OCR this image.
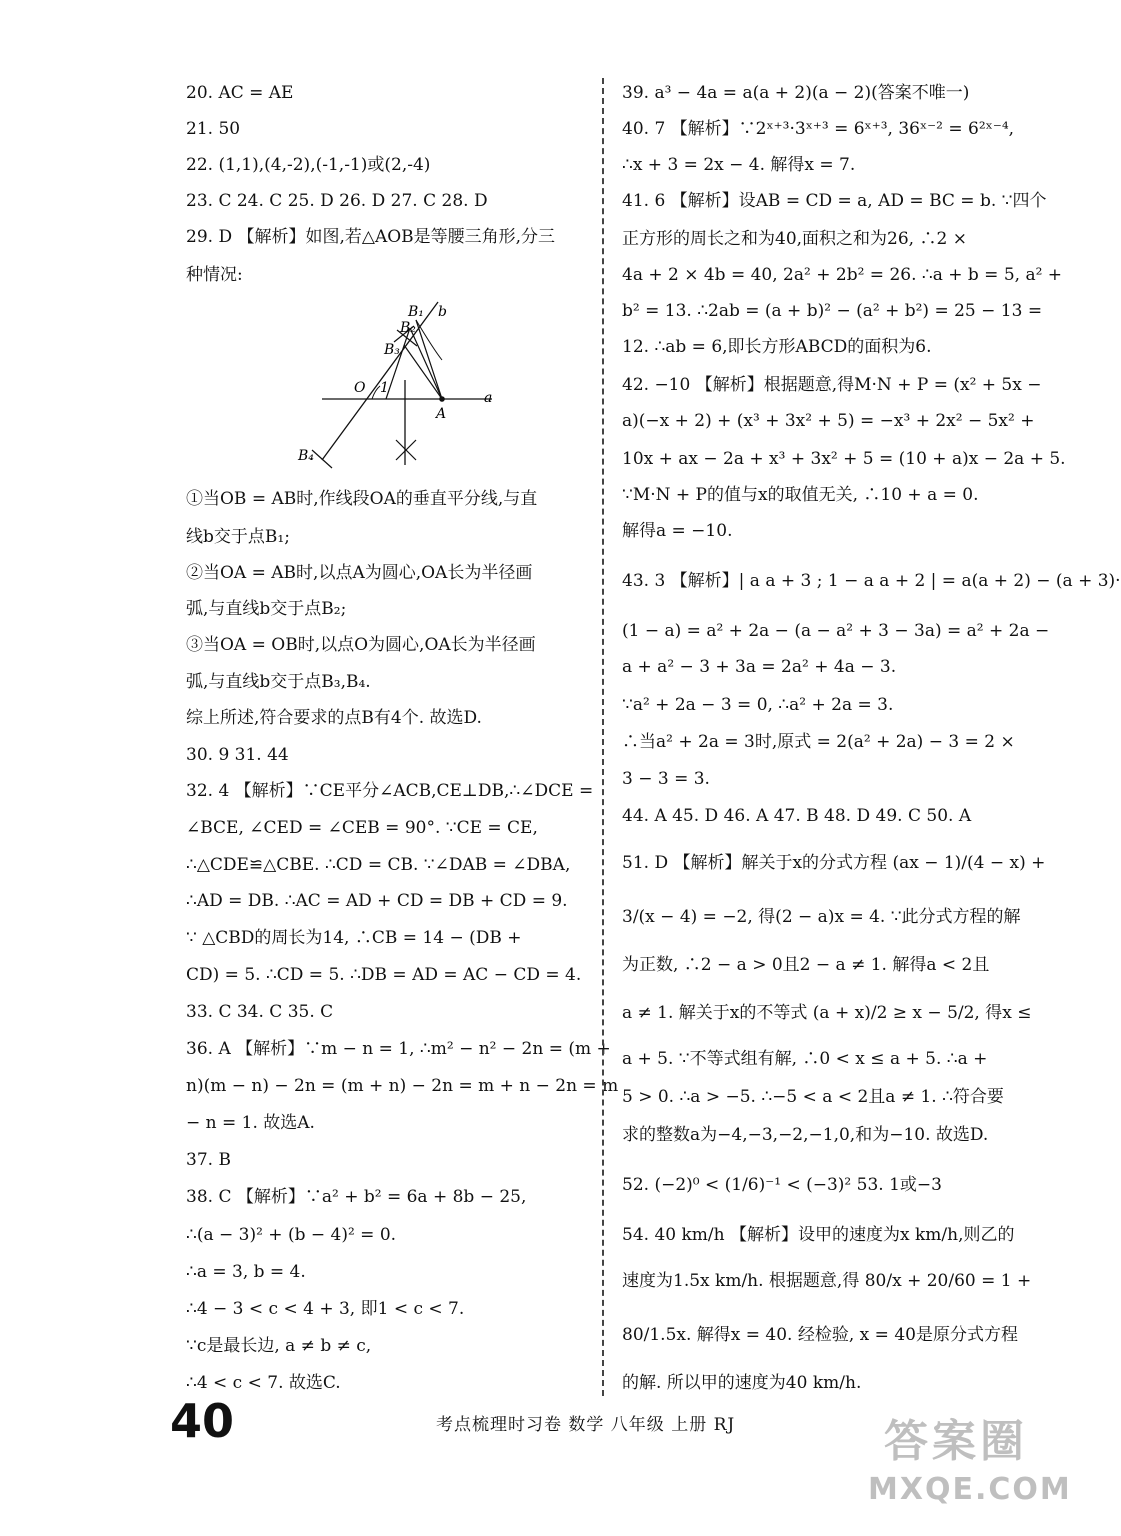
20. AC = AE
21. 50
22. (1,1),(4,-2),(-1,-1)或(2,-4)
23. C 24. C 25. D 26. D 27. C 28. D
29. D 【解析】如图,若△AOB是等腰三角形,分三
种情况:
B₁
B₂
B₃
b
O 1
A
a
B₄
①当OB = AB时,作线段OA的垂直平分线,与直
线b交于点B₁;
②当OA = AB时,以点A为圆心,OA长为半径画
弧,与直线b交于点B₂;
③当OA = OB时,以点O为圆心,OA长为半径画
弧,与直线b交于点B₃,B₄.
综上所述,符合要求的点B有4个. 故选D.
30. 9 31. 44
32. 4 【解析】∵CE平分∠ACB,CE⊥DB,∴∠DCE =
∠BCE, ∠CED = ∠CEB = 90°. ∵CE = CE,
∴△CDE≌△CBE. ∴CD = CB. ∵∠DAB = ∠DBA,
∴AD = DB. ∴AC = AD + CD = DB + CD = 9.
∵ △CBD的周长为14, ∴CB = 14 − (DB +
CD) = 5. ∴CD = 5. ∴DB = AD = AC − CD = 4.
33. C 34. C 35. C
36. A 【解析】∵m − n = 1, ∴m² − n² − 2n = (m +
n)(m − n) − 2n = (m + n) − 2n = m + n − 2n = m
− n = 1. 故选A.
37. B
38. C 【解析】∵a² + b² = 6a + 8b − 25,
∴(a − 3)² + (b − 4)² = 0.
∴a = 3, b = 4.
∴4 − 3 < c < 4 + 3, 即1 < c < 7.
∵c是最长边, a ≠ b ≠ c,
∴4 < c < 7. 故选C.
39. a³ − 4a = a(a + 2)(a − 2)(答案不唯一)
40. 7 【解析】∵2ˣ⁺³·3ˣ⁺³ = 6ˣ⁺³, 36ˣ⁻² = 6²ˣ⁻⁴,
∴x + 3 = 2x − 4. 解得x = 7.
41. 6 【解析】设AB = CD = a, AD = BC = b. ∵四个
正方形的周长之和为40,面积之和为26, ∴2 ×
4a + 2 × 4b = 40, 2a² + 2b² = 26. ∴a + b = 5, a² +
b² = 13. ∴2ab = (a + b)² − (a² + b²) = 25 − 13 =
12. ∴ab = 6,即长方形ABCD的面积为6.
42. −10 【解析】根据题意,得M·N + P = (x² + 5x −
a)(−x + 2) + (x³ + 3x² + 5) = −x³ + 2x² − 5x² +
10x + ax − 2a + x³ + 3x² + 5 = (10 + a)x − 2a + 5.
∵M·N + P的值与x的取值无关, ∴10 + a = 0.
解得a = −10.
43. 3 【解析】| a a + 3 ; 1 − a a + 2 | = a(a + 2) − (a + 3)·
(1 − a) = a² + 2a − (a − a² + 3 − 3a) = a² + 2a −
a + a² − 3 + 3a = 2a² + 4a − 3.
∵a² + 2a − 3 = 0, ∴a² + 2a = 3.
∴当a² + 2a = 3时,原式 = 2(a² + 2a) − 3 = 2 ×
3 − 3 = 3.
44. A 45. D 46. A 47. B 48. D 49. C 50. A
51. D 【解析】解关于x的分式方程 (ax − 1)/(4 − x) +
3/(x − 4) = −2, 得(2 − a)x = 4. ∵此分式方程的解
为正数, ∴2 − a > 0且2 − a ≠ 1. 解得a < 2且
a ≠ 1. 解关于x的不等式 (a + x)/2 ≥ x − 5/2, 得x ≤
a + 5. ∵不等式组有解, ∴0 < x ≤ a + 5. ∴a +
5 > 0. ∴a > −5. ∴−5 < a < 2且a ≠ 1. ∴符合要
求的整数a为−4,−3,−2,−1,0,和为−10. 故选D.
52. (−2)⁰ < (1/6)⁻¹ < (−3)² 53. 1或−3
54. 40 km/h 【解析】设甲的速度为x km/h,则乙的
速度为1.5x km/h. 根据题意,得 80/x + 20/60 = 1 +
80/1.5x. 解得x = 40. 经检验, x = 40是原分式方程
的解. 所以甲的速度为40 km/h.
40	考点梳理时习卷 数学 八年级 上册 RJ	答案圈
MXQE.COM
